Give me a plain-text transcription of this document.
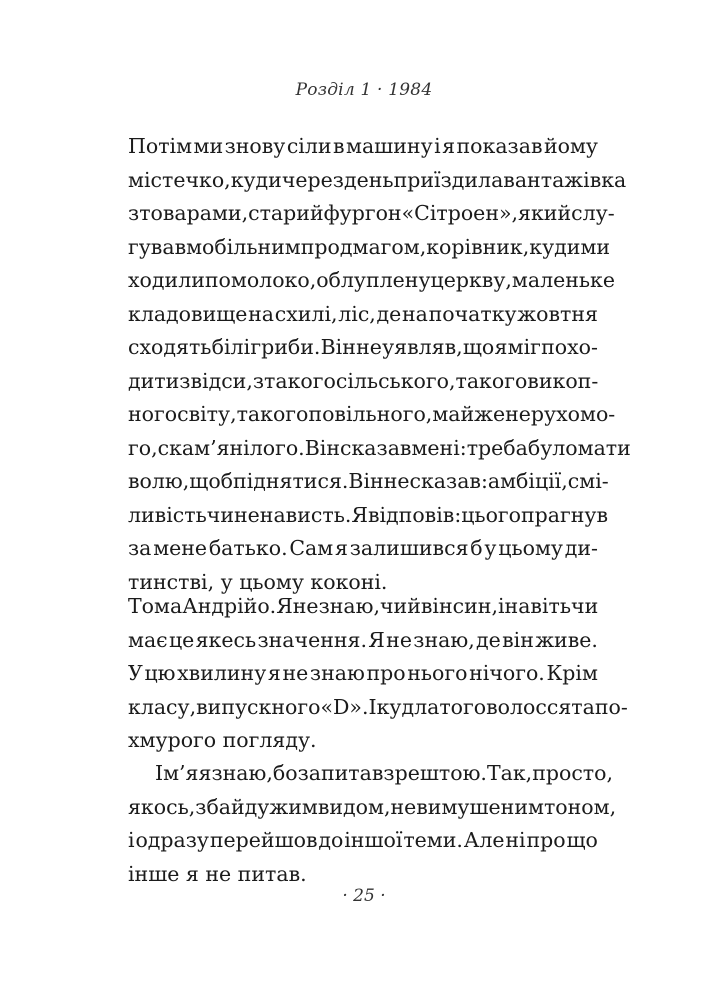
Розділ 1 · 1984
Потім ми знову сіли в машину і я показав йому
містечко, куди через день приїздила вантажівка
з товарами, старий фургон «Сітроен», який слу-
гував мобільним продмагом, корівник, куди ми
ходили по молоко, облуплену церкву, маленьке
кладовище на схилі, ліс, де на початку жовтня
сходять білі гриби. Він не уявляв, що я міг похо-
дити звідси, з такого сільського, такого викоп-
ного світу, такого повільного, майже нерухомо-
го, скам’янілого. Він сказав мені: треба було мати
волю, щоб піднятися. Він не сказав: амбіції, смі-
ливість чи ненависть. Я відповів: цього прагнув
за мене батько. Сам я залишився б у цьому ди-
тинстві, у цьому коконі.
Тома Андрійо. Я не знаю, чий він син, і навіть чи
має це якесь значення. Я не знаю, де він живе.
У цю хвилину я не знаю про нього нічого. Крім
класу, випускного «D». І кудлатого волосся та по-
хмурого погляду.
Ім’я я знаю, бо запитав зрештою. Так, просто,
якось, з байдужим видом, невимушеним тоном,
і одразу перейшов до іншої теми. Але ні про що
інше я не питав.
· 25 ·
